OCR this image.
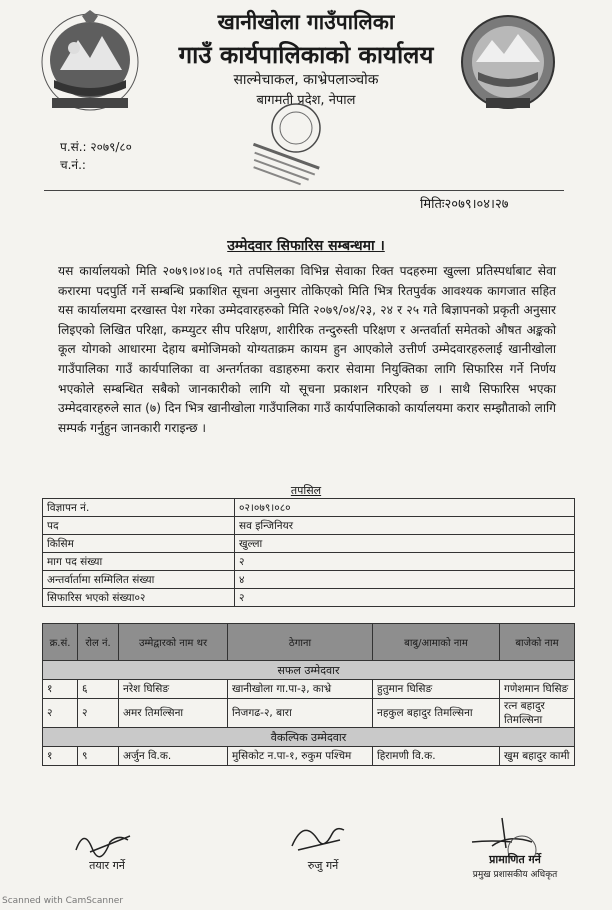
खानीखोला गाउँपालिका
गाउँ कार्यपालिकाको कार्यालय
साल्मेचाकल, काभ्रेपलाञ्चोक
बागमती प्रदेश, नेपाल
प.सं.: २०७९/८०
च.नं.:
मितिः२०७९।०४।२७
उम्मेदवार सिफारिस सम्बन्धमा ।
यस कार्यालयको मिति २०७९।०४।०६ गते तपसिलका विभिन्न सेवाका रिक्त पदहरुमा खुल्ला प्रतिस्पर्धाबाट सेवा करारमा पदपुर्ति गर्ने सम्बन्धि प्रकाशित सूचना अनुसार तोकिएको मिति भित्र रितपुर्वक आवश्यक कागजात सहित यस कार्यालयमा दरखास्त पेश गरेका उम्मेदवारहरुको मिति २०७९/०४/२३, २४ र २५ गते बिज्ञापनको प्रकृती अनुसार लिइएको लिखित परिक्षा, कम्प्युटर सीप परिक्षण, शारीरिक तन्दुरुस्ती परिक्षण र अन्तर्वार्ता समेतको औषत अङ्कको कूल योगको आधारमा देहाय बमोजिमको योग्यताक्रम कायम हुन आएकोले उत्तीर्ण उम्मेदवारहरुलाई खानीखोला गाउँपालिका गाउँ कार्यपालिका वा अन्तर्गतका वडाहरुमा करार सेवामा नियुक्तिका लागि सिफारिस गर्ने निर्णय भएकोले सम्बन्धित सबैको जानकारीको लागि यो सूचना प्रकाशन गरिएको छ । साथै सिफारिस भएका उम्मेदवारहरुले सात (७) दिन भित्र खानीखोला गाउँपालिका गाउँ कार्यपालिकाको कार्यालयमा करार सम्झौताको लागि सम्पर्क गर्नुहुन जानकारी गराइन्छ ।
तपसिल
विज्ञापन नं.	०२।०७९।०८०
पद	सव इन्जिनियर
किसिम	खुल्ला
माग पद संख्या	२
अन्तर्वार्तामा सम्मिलित संख्या	४
सिफारिस भएको संख्या०२	२
क्र.सं.	रोल नं.	उम्मेद्वारको नाम थर	ठेगाना	बाबु/आमाको नाम	बाजेको नाम
सफल उम्मेदवार					
१	६	नरेश घिसिङ	खानीखोला गा.पा-३, काभ्रे	हुतुमान घिसिङ	गणेशमान घिसिङ
२	२	अमर तिमल्सिना	निजगढ-२, बारा	नहकुल बहादुर तिमल्सिना	रत्न बहादुर तिमल्सिना
वैकल्पिक उम्मेदवार					
१	९	अर्जुन वि.क.	मुसिकोट न.पा-१, रुकुम पश्चिम	हिरामणी वि.क.	खुम बहादुर कामी
तयार गर्ने	रुजु गर्ने	प्रामाणित गर्ने
प्रमुख प्रशासकीय अधिकृत
Scanned with CamScanner
